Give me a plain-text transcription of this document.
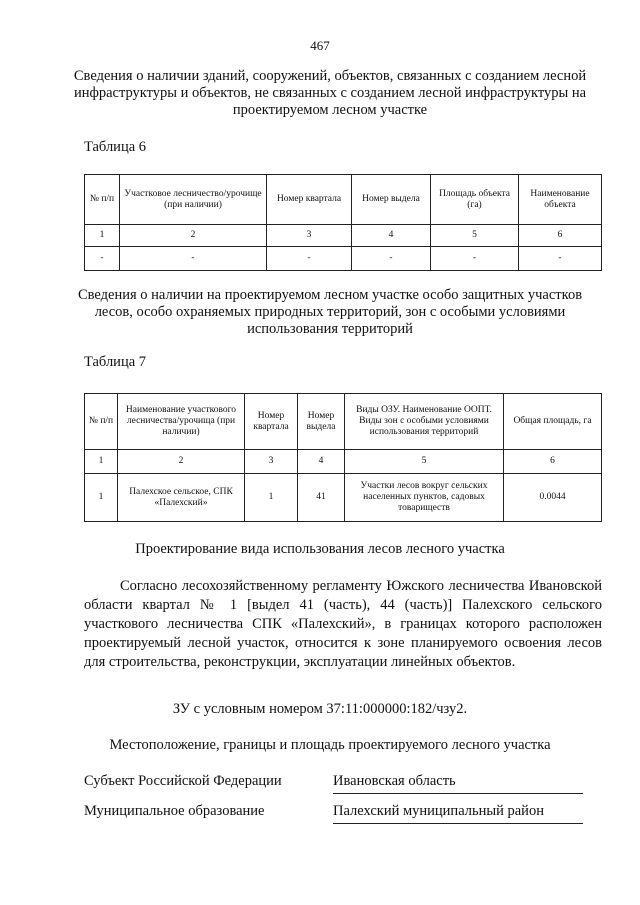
467
Сведения о наличии зданий, сооружений, объектов, связанных с созданием лесной инфраструктуры и объектов, не связанных с созданием лесной инфраструктуры на проектируемом лесном участке
Таблица 6
№ п/п	Участковое лесничество/урочище (при наличии)	Номер квартала	Номер выдела	Площадь объекта (га)	Наименование объекта
1	2	3	4	5	6
-	-	-	-	-	-
Сведения о наличии на проектируемом лесном участке особо защитных участков лесов, особо охраняемых природных территорий, зон с особыми условиями использования территорий
Таблица 7
№ п/п	Наименование участкового лесничества/урочища (при наличии)	Номер квартала	Номер выдела	Виды ОЗУ. Наименование ООПТ. Виды зон с особыми условиями использования территорий	Общая площадь, га
1	2	3	4	5	6
1	Палехское сельское, СПК «Палехский»	1	41	Участки лесов вокруг сельских населенных пунктов, садовых товариществ	0.0044
Проектирование вида использования лесов лесного участка
Согласно лесохозяйственному регламенту Южского лесничества Ивановской области квартал № 1 [выдел 41 (часть), 44 (часть)] Палехского сельского участкового лесничества СПК «Палехский», в границах которого расположен проектируемый лесной участок, относится к зоне планируемого освоения лесов для строительства, реконструкции, эксплуатации линейных объектов.
ЗУ с условным номером 37:11:000000:182/чзу2.
Местоположение, границы и площадь проектируемого лесного участка
Субъект Российской Федерации	Ивановская область
Муниципальное образование	Палехский муниципальный район
